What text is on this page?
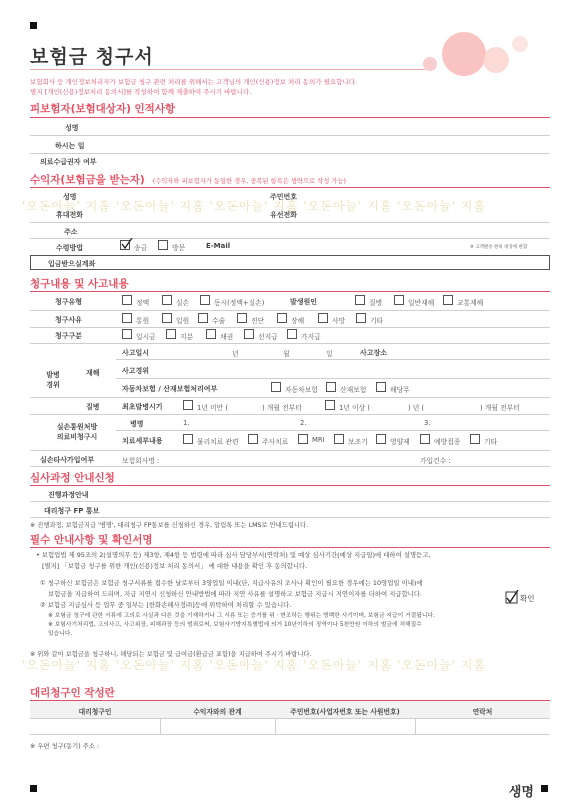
보험금 청구서
보험회사 등 개인정보처리자가 보험금 청구 관련 처리를 위해서는 고객님의 개인(신용)정보 처리 동의가 필요합니다.
별지 [개인(신용)정보처리 동의서]를 작성하여 함께 제출하여 주시기 바랍니다.
피보험자(보험대상자) 인적사항
성명
하시는 일
의료수급권자 여부
수익자(보험금을 받는자) (수익자와 피보험자가 동일한 경우, 중복된 항목은 생략으로 작성 가능)
성명	주민번호
'오돈아늘' 지홈 '오돈아늘' 지홈 '오돈아늘' 지홈 '오돈아늘' 지홈 '오돈아늘' 지홈
휴대전화	유선전화
주소
수령방법	송금	방문	E-Mail	※ 고객발송 원비 대상에 한함
입금받으실계좌
청구내용 및 사고내용
청구유형	정액	실손	동시(정액+실손)	발생원인	질병	일반재해	교통재해
청구사유	통원	입원	수술	진단	장해	사망	기타
청구구분	일시금	지분	채권	선지급	가지급
발병
경위
재해
사고일시	년	월	일	사고장소
사고경위
자동차보험 / 산재보험처리여부	자동차보험	산재보험	해당무
질병	최초발병시기	1년 미만 (	) 개월 전부터	1년 이상 (	) 년 (	) 개월 전부터
실손통원처방
의료비청구시
병명	1.	2.	3.
치료세부내용	물리치료 관련	주사치료	MRI	보조기	영양제	예방접종	기타
실손타사가입여부	보험회사명 :	가입건수 :
심사과정 안내신청
진행과정안내
대리청구 FP 통보
※ 진행과정, 보험금지급 '병명', 대리청구 FP통보를 신청하신 경우, 알림톡 또는 LMS로 안내드립니다.
필수 안내사항 및 확인서명
• 보험업법 제 95조의 2(설명의무 등) 제3항, 제4항 등 법령에 따라 심사 담당부서(연락처) 및 예상 심사기간(예상 지급일)에 대하여 설명듣고,
[별지] 「보험금 청구를 위한 개인(신용)정보 처리 동의서」 에 대한 내용을 확인 후 동의합니다.
① 청구하신 보험금은 보험금 청구서류를 접수한 날로부터 3영업일 이내(단, 지급사유의 조사나 확인이 필요한 경우에는 10영업일 이내)에
보험금을 지급하여 드리며, 지급 지연시 신청하신 안내방법에 따라 지연 사유를 설명하고 보험금 지급시 지연이자를 더하여 지급합니다.
② 보험금 지급심사 등 업무 중 일부는 [한화손해사정㈜]등에 위탁하여 처리할 수 있습니다.
※ 보험금 청구에 관한 서류에 고의로 사실과 다른 것을 기재하거나 그 서류 또는 증거를 위 · 변조하는 행위는 명백한 사기이며, 보험금 지급이 거절됩니다.
※ 보험사기처리법, 고의사고, 사고위장, 피해과장 등의 범죄로써, 보험사기방지특별법에 의거 10년이하의 징역이나 5천만원 이하의 벌금에 처해질수
있습니다.
확인
※ 위와 같이 보험금을 청구하니, 해당되는 보험금 및 급여금(환급금 포함)을 지급하여 주시기 바랍니다.
'오돈아늘' 지홈 '오돈아늘' 지홈 '오돈아늘' 지홈 '오돈아늘' 지홈 '오돈아늘' 지홈
대리청구인 작성란
대리청구인	수익자와의 관계	주민번호(사업자번호 또는 사원번호)	연락처
※ 우편 청구(동기) 주소 :
생명
